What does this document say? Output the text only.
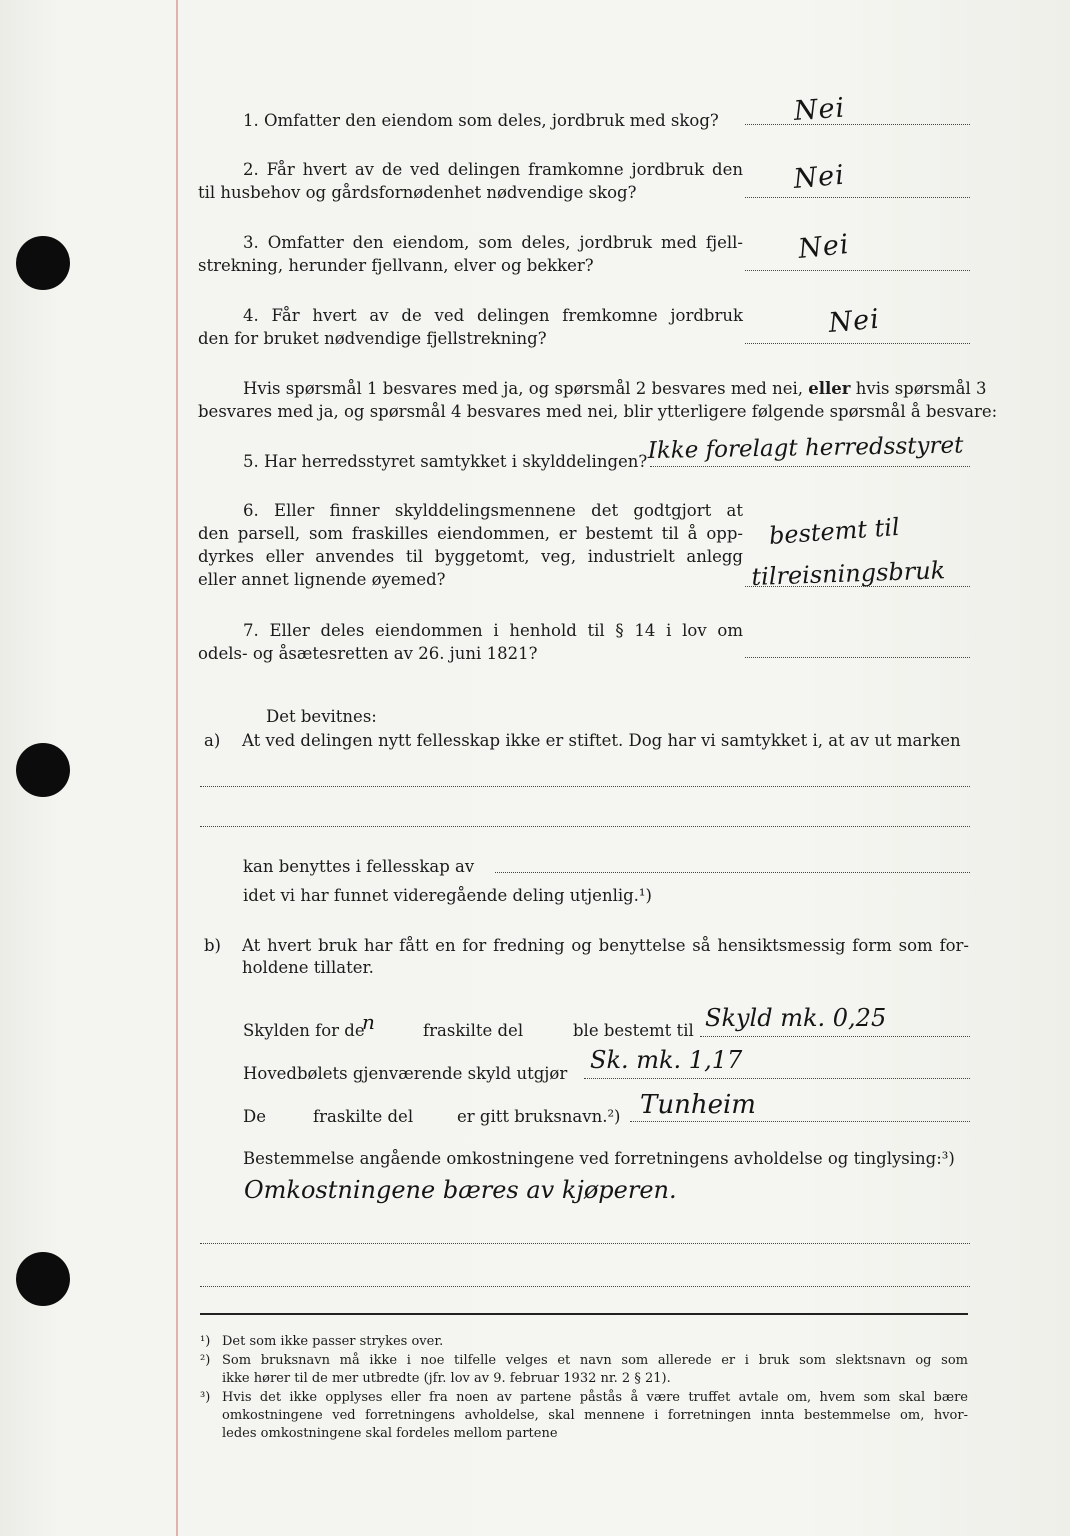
1. Omfatter den eiendom som deles, jordbruk med skog?	Nei
2. Får hvert av de ved delingen framkomne jordbruk den
til husbehov og gårdsfornødenhet nødvendige skog?	Nei
3. Omfatter den eiendom, som deles, jordbruk med fjell-
strekning, herunder fjellvann, elver og bekker?
Nei
4. Får hvert av de ved delingen fremkomne jordbruk
den for bruket nødvendige fjellstrekning?	Nei
Hvis spørsmål 1 besvares med ja, og spørsmål 2 besvares med nei, eller hvis spørsmål 3
besvares med ja, og spørsmål 4 besvares med nei, blir ytterligere følgende spørsmål å besvare:
5. Har herredsstyret samtykket i skylddelingen? Ikke forelagt herredsstyret
6. Eller finner skylddelingsmennene det godtgjort at
den parsell, som fraskilles eiendommen, er bestemt til å opp-
dyrkes eller anvendes til byggetomt, veg, industrielt anlegg
eller annet lignende øyemed?
bestemt til
tilreisningsbruk
7. Eller deles eiendommen i henhold til § 14 i lov om
odels- og åsætesretten av 26. juni 1821?
Det bevitnes:
a) At ved delingen nytt fellesskap ikke er stiftet. Dog har vi samtykket i, at av ut marken
kan benyttes i fellesskap av
idet vi har funnet videregående deling utjenlig.¹)
b) At hvert bruk har fått en for fredning og benyttelse så hensiktsmessig form som for-
holdene tillater.
Skylden for de
n	fraskilte del	ble bestemt til Skyld mk. 0,25
Hovedbølets gjenværende skyld utgjør Sk. mk. 1,17
De	fraskilte del	er gitt bruksnavn.²) Tunheim
Bestemmelse angående omkostningene ved forretningens avholdelse og tinglysing:³)
Omkostningene bæres av kjøperen.
¹) Det som ikke passer strykes over.
²) Som bruksnavn må ikke i noe tilfelle velges et navn som allerede er i bruk som slektsnavn og som
ikke hører til de mer utbredte (jfr. lov av 9. februar 1932 nr. 2 § 21).
³) Hvis det ikke opplyses eller fra noen av partene påstås å være truffet avtale om, hvem som skal bære
omkostningene ved forretningens avholdelse, skal mennene i forretningen innta bestemmelse om, hvor-
ledes omkostningene skal fordeles mellom partene
